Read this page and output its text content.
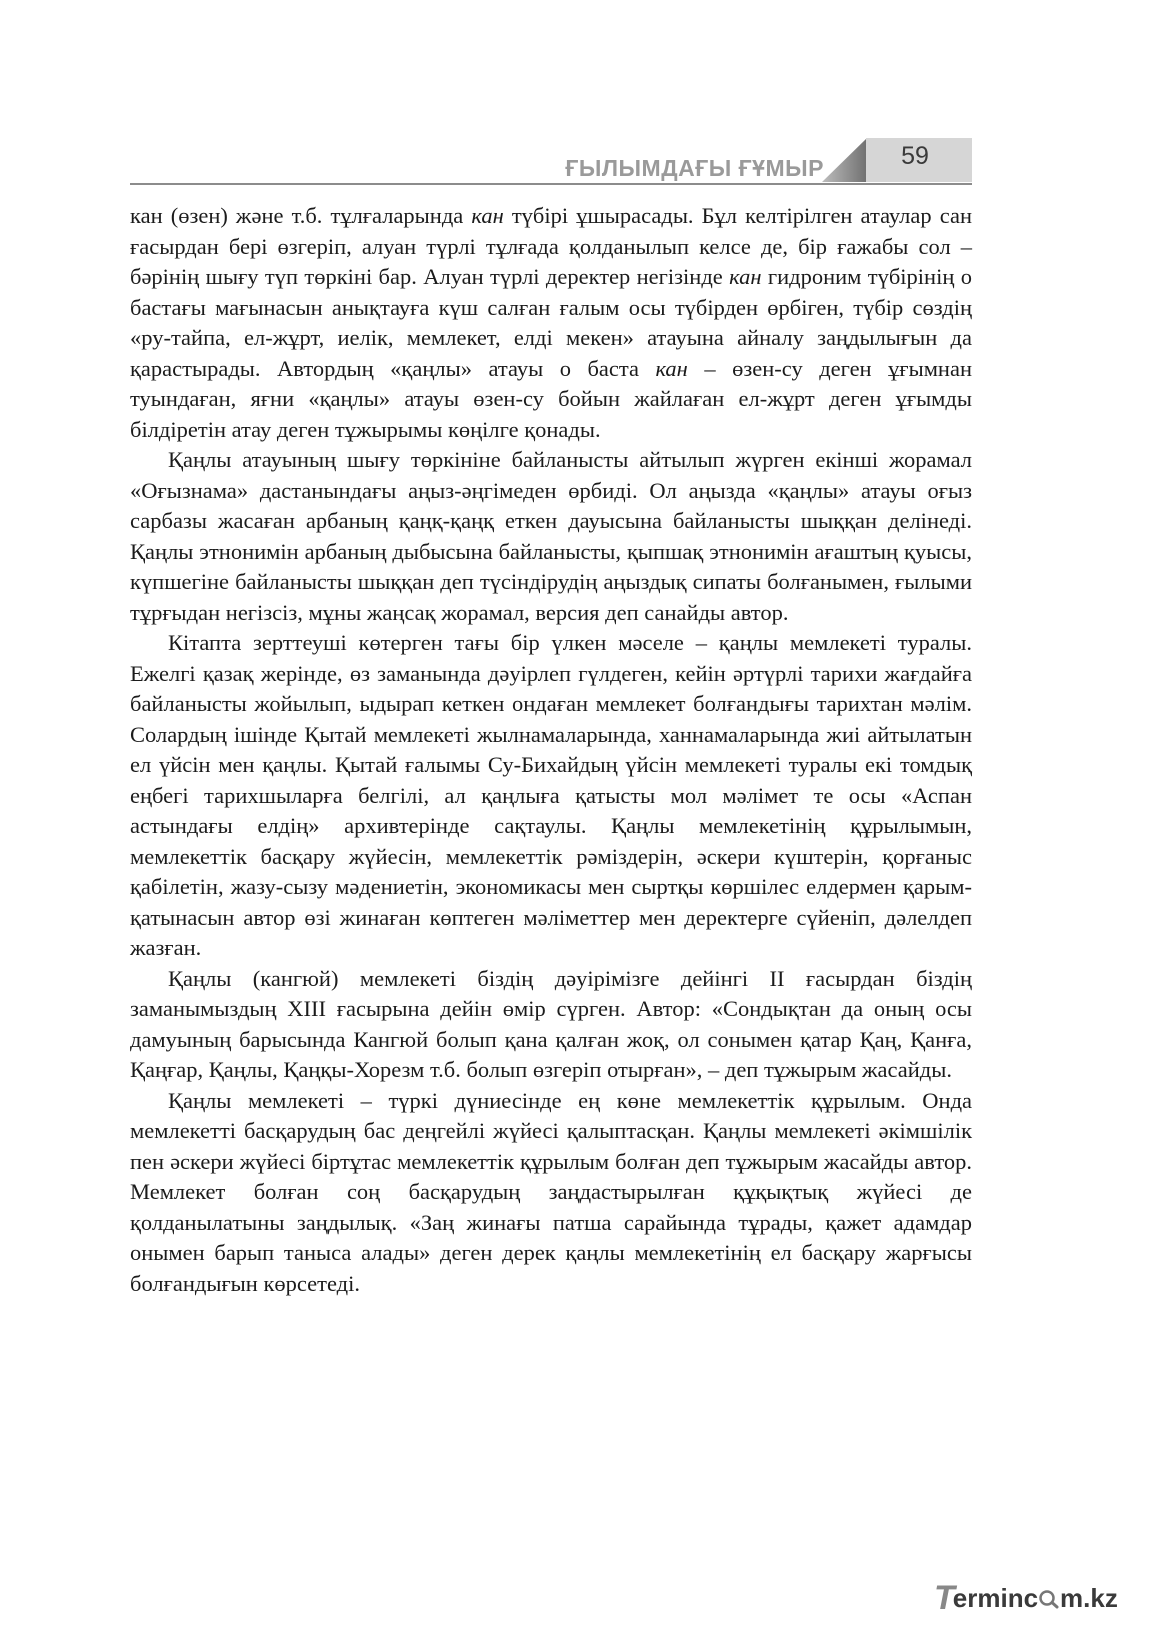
ҒЫЛЫМДАҒЫ ҒҰМЫР	59

кан (өзен) және т.б. тұлғаларында кан түбірі ұшырасады. Бұл келтірілген атаулар сан ғасырдан бері өзгеріп, алуан түрлі тұлғада қолданылып келсе де, бір ғажабы сол – бәрінің шығу түп төркіні бар. Алуан түрлі деректер негізінде кан гидроним түбірінің о бастағы мағынасын анықтауға күш салған ғалым осы түбірден өрбіген, түбір сөздің «ру-тайпа, ел-жұрт, иелік, мемлекет, елді мекен» атауына айналу заңдылығын да қарастырады. Автордың «қаңлы» атауы о баста кан – өзен-су деген ұғымнан туындаған, яғни «қаңлы» атауы өзен-су бойын жайлаған ел-жұрт деген ұғымды білдіретін атау деген тұжырымы көңілге қонады.

Қаңлы атауының шығу төркініне байланысты айтылып жүрген екінші жорамал «Оғызнама» дастанындағы аңыз-әңгімеден өрбиді. Ол аңызда «қаңлы» атауы оғыз сарбазы жасаған арбаның қаңқ-қаңқ еткен дауысына байланысты шыққан делінеді. Қаңлы этнонимін арбаның дыбысына байланысты, қыпшақ этнонимін ағаштың қуысы, күпшегіне байланысты шыққан деп түсіндірудің аңыздық сипаты болғанымен, ғылыми тұрғыдан негізсіз, мұны жаңсақ жорамал, версия деп санайды автор.

Кітапта зерттеуші көтерген тағы бір үлкен мәселе – қаңлы мемлекеті туралы. Ежелгі қазақ жерінде, өз заманында дәуірлеп гүлдеген, кейін әртүрлі тарихи жағдайға байланысты жойылып, ыдырап кеткен ондаған мемлекет болғандығы тарихтан мәлім. Солардың ішінде Қытай мемлекеті жылнамаларында, ханнамаларында жиі айтылатын ел үйсін мен қаңлы. Қытай ғалымы Су-Бихайдың үйсін мемлекеті туралы екі томдық еңбегі тарихшыларға белгілі, ал қаңлыға қатысты мол мәлімет те осы «Аспан астындағы елдің» архивтерінде сақтаулы. Қаңлы мемлекетінің құрылымын, мемлекеттік басқару жүйесін, мемлекеттік рәміздерін, әскери күштерін, қорғаныс қабілетін, жазу-сызу мәдениетін, экономикасы мен сыртқы көршілес елдермен қарым-қатынасын автор өзі жинаған көптеген мәліметтер мен деректерге сүйеніп, дәлелдеп жазған.

Қаңлы (кангюй) мемлекеті біздің дәуірімізге дейінгі ІІ ғасырдан біздің заманымыздың ХІІІ ғасырына дейін өмір сүрген. Автор: «Сондықтан да оның осы дамуының барысында Кангюй болып қана қалған жоқ, ол сонымен қатар Қаң, Қанға, Қаңғар, Қаңлы, Қаңқы-Хорезм т.б. болып өзгеріп отырған», – деп тұжырым жасайды.

Қаңлы мемлекеті – түркі дүниесінде ең көне мемлекеттік құрылым. Онда мемлекетті басқарудың бас деңгейлі жүйесі қалыптасқан. Қаңлы мемлекеті әкімшілік пен әскери жүйесі біртұтас мемлекеттік құрылым болған деп тұжырым жасайды автор. Мемлекет болған соң басқарудың заңдастырылған құқықтық жүйесі де қолданылатыны заңдылық. «Заң жинағы патша сарайында тұрады, қажет адамдар онымен барып таныса алады» деген дерек қаңлы мемлекетінің ел басқару жарғысы болғандығын көрсетеді.

T
erminc m.kz
